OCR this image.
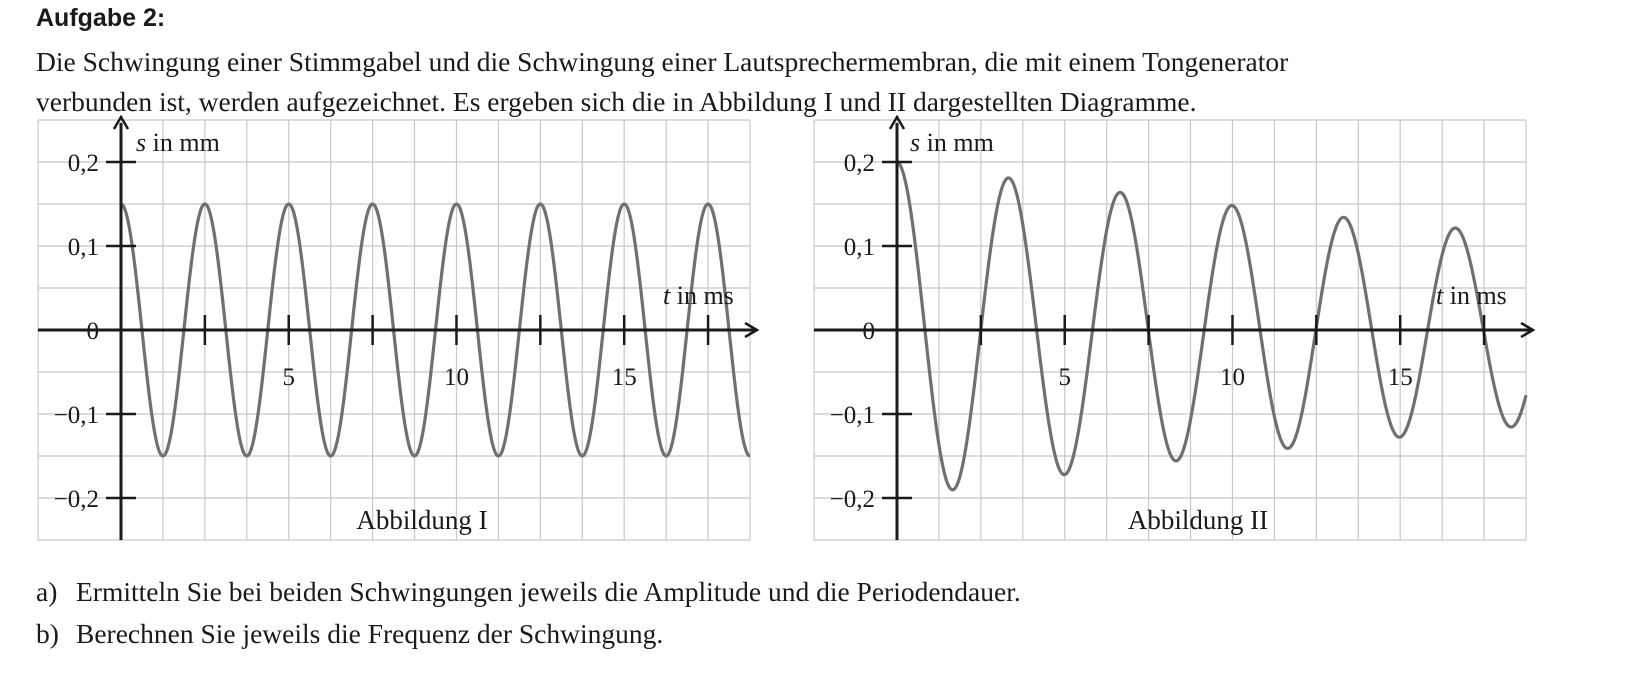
Aufgabe 2:
Die Schwingung einer Stimmgabel und die Schwingung einer Lautsprechermembran, die mit einem Tongenerator
verbunden ist, werden aufgezeichnet. Es ergeben sich die in Abbildung I und II dargestellten Diagramme.
5	10	15
0,2
0,1
0
−0,1
−0,2
s in mm
t in ms
Abbildung I
5	10	15
0,2
0,1
0
−0,1
−0,2
s in mm
t in ms
Abbildung II
a) Ermitteln Sie bei beiden Schwingungen jeweils die Amplitude und die Periodendauer.
b) Berechnen Sie jeweils die Frequenz der Schwingung.
